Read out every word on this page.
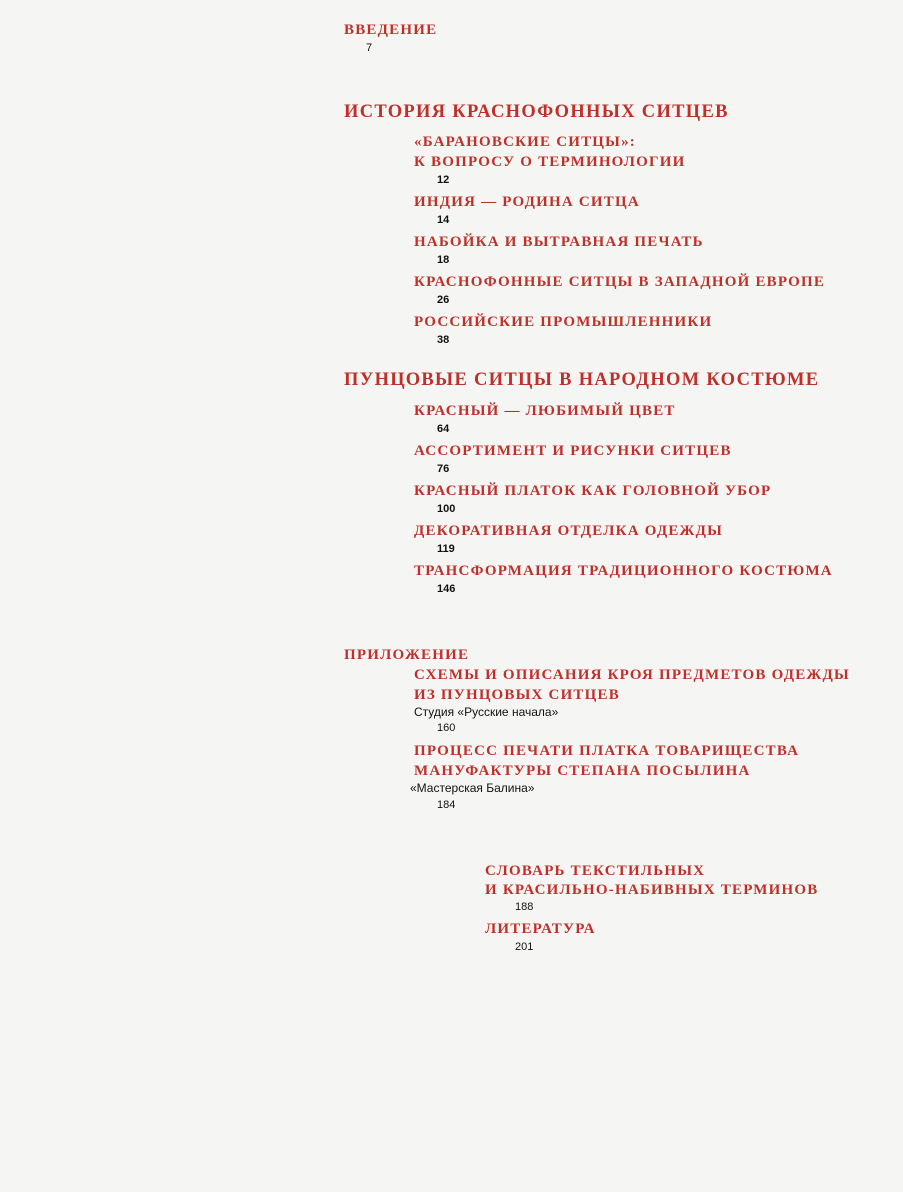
ВВЕДЕНИЕ
7
ИСТОРИЯ КРАСНОФОННЫХ СИТЦЕВ
«БАРАНОВСКИЕ СИТЦЫ»:
К ВОПРОСУ О ТЕРМИНОЛОГИИ
12
ИНДИЯ — РОДИНА СИТЦА
14
НАБОЙКА И ВЫТРАВНАЯ ПЕЧАТЬ
18
КРАСНОФОННЫЕ СИТЦЫ В ЗАПАДНОЙ ЕВРОПЕ
26
РОССИЙСКИЕ ПРОМЫШЛЕННИКИ
38
ПУНЦОВЫЕ СИТЦЫ В НАРОДНОМ КОСТЮМЕ
КРАСНЫЙ — ЛЮБИМЫЙ ЦВЕТ
64
АССОРТИМЕНТ И РИСУНКИ СИТЦЕВ
76
КРАСНЫЙ ПЛАТОК КАК ГОЛОВНОЙ УБОР
100
ДЕКОРАТИВНАЯ ОТДЕЛКА ОДЕЖДЫ
119
ТРАНСФОРМАЦИЯ ТРАДИЦИОННОГО КОСТЮМА
146
ПРИЛОЖЕНИЕ
СХЕМЫ И ОПИСАНИЯ КРОЯ ПРЕДМЕТОВ ОДЕЖДЫ
ИЗ ПУНЦОВЫХ СИТЦЕВ
Студия «Русские начала»
160
ПРОЦЕСС ПЕЧАТИ ПЛАТКА ТОВАРИЩЕСТВА
МАНУФАКТУРЫ СТЕПАНА ПОСЫЛИНА
«Мастерская Балина»
184
СЛОВАРЬ ТЕКСТИЛЬНЫХ
И КРАСИЛЬНО-НАБИВНЫХ ТЕРМИНОВ
188
ЛИТЕРАТУРА
201
